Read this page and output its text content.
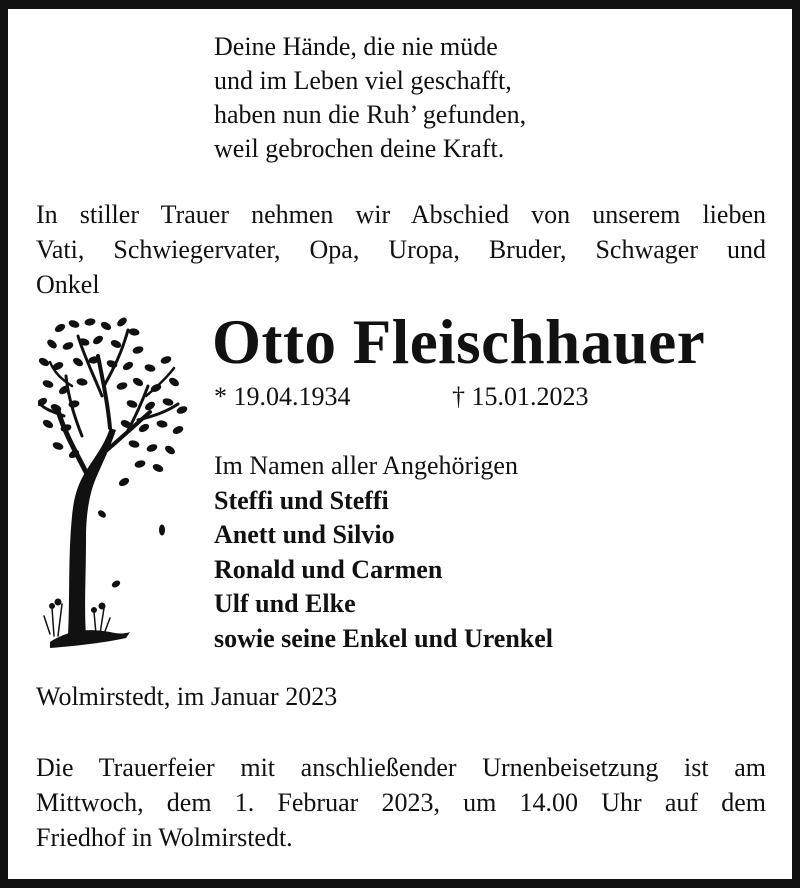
Deine Hände, die nie müde
und im Leben viel geschafft,
haben nun die Ruh’ gefunden,
weil gebrochen deine Kraft.
In stiller Trauer nehmen wir Abschied von unserem lieben
Vati, Schwiegervater, Opa, Uropa, Bruder, Schwager und
Onkel
Otto Fleischhauer
* 19.04.1934	† 15.01.2023
Im Namen aller Angehörigen
Steffi und Steffi
Anett und Silvio
Ronald und Carmen
Ulf und Elke
sowie seine Enkel und Urenkel
Wolmirstedt, im Januar 2023
Die Trauerfeier mit anschließender Urnenbeisetzung ist am
Mittwoch, dem 1. Februar 2023, um 14.00 Uhr auf dem
Friedhof in Wolmirstedt.
